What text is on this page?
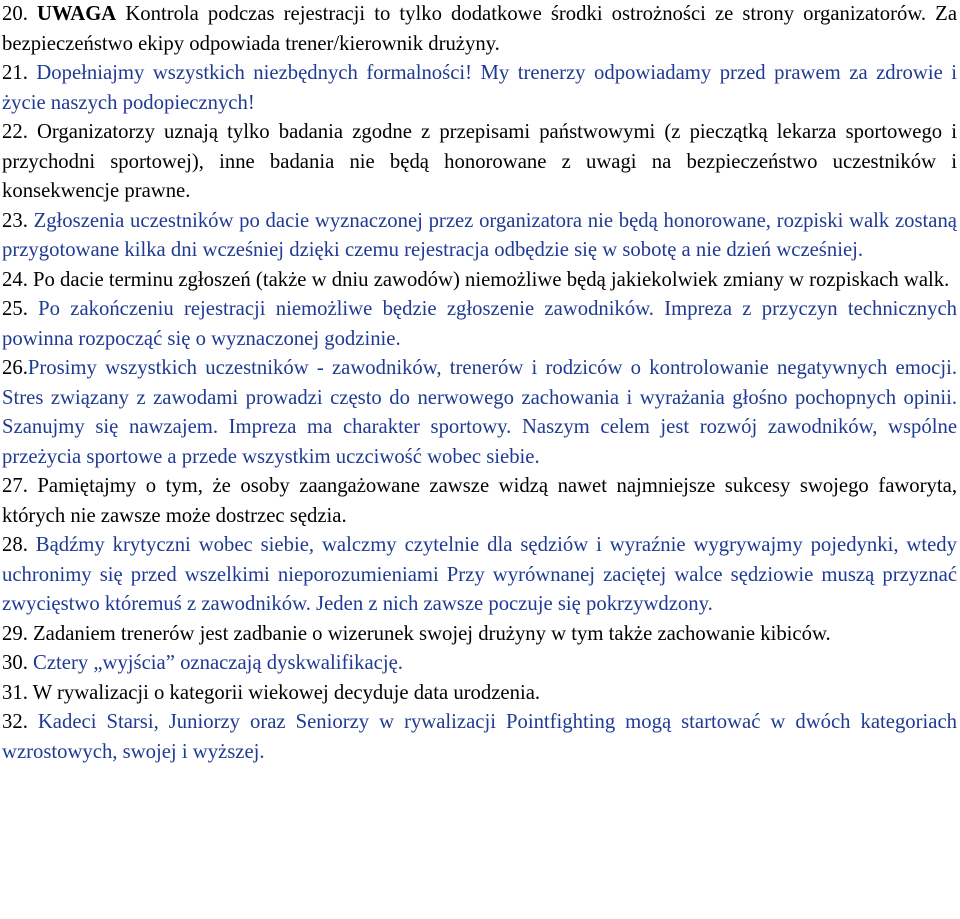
20. UWAGA Kontrola podczas rejestracji to tylko dodatkowe środki ostrożności ze strony organizatorów. Za bezpieczeństwo ekipy odpowiada trener/kierownik drużyny.

21. Dopełniajmy wszystkich niezbędnych formalności! My trenerzy odpowiadamy przed prawem za zdrowie i życie naszych podopiecznych!

22. Organizatorzy uznają tylko badania zgodne z przepisami państwowymi (z pieczątką lekarza sportowego i przychodni sportowej), inne badania nie będą honorowane z uwagi na bezpieczeństwo uczestników i konsekwencje prawne.

23. Zgłoszenia uczestników po dacie wyznaczonej przez organizatora nie będą honorowane, rozpiski walk zostaną przygotowane kilka dni wcześniej dzięki czemu rejestracja odbędzie się w sobotę a nie dzień wcześniej.

24. Po dacie terminu zgłoszeń (także w dniu zawodów) niemożliwe będą jakiekolwiek zmiany w rozpiskach walk.

25. Po zakończeniu rejestracji niemożliwe będzie zgłoszenie zawodników. Impreza z przyczyn technicznych powinna rozpocząć się o wyznaczonej godzinie.

26.Prosimy wszystkich uczestników - zawodników, trenerów i rodziców o kontrolowanie negatywnych emocji. Stres związany z zawodami prowadzi często do nerwowego zachowania i wyrażania głośno pochopnych opinii. Szanujmy się nawzajem. Impreza ma charakter sportowy. Naszym celem jest rozwój zawodników, wspólne przeżycia sportowe a przede wszystkim uczciwość wobec siebie.

27. Pamiętajmy o tym, że osoby zaangażowane zawsze widzą nawet najmniejsze sukcesy swojego faworyta, których nie zawsze może dostrzec sędzia.

28. Bądźmy krytyczni wobec siebie, walczmy czytelnie dla sędziów i wyraźnie wygrywajmy pojedynki, wtedy uchronimy się przed wszelkimi nieporozumieniami Przy wyrównanej zaciętej walce sędziowie muszą przyznać zwycięstwo któremuś z zawodników. Jeden z nich zawsze poczuje się pokrzywdzony.

29. Zadaniem trenerów jest zadbanie o wizerunek swojej drużyny w tym także zachowanie kibiców.

30. Cztery „wyjścia” oznaczają dyskwalifikację.

31. W rywalizacji o kategorii wiekowej decyduje data urodzenia.

32. Kadeci Starsi, Juniorzy oraz Seniorzy w rywalizacji Pointfighting mogą startować w dwóch kategoriach wzrostowych, swojej i wyższej.
